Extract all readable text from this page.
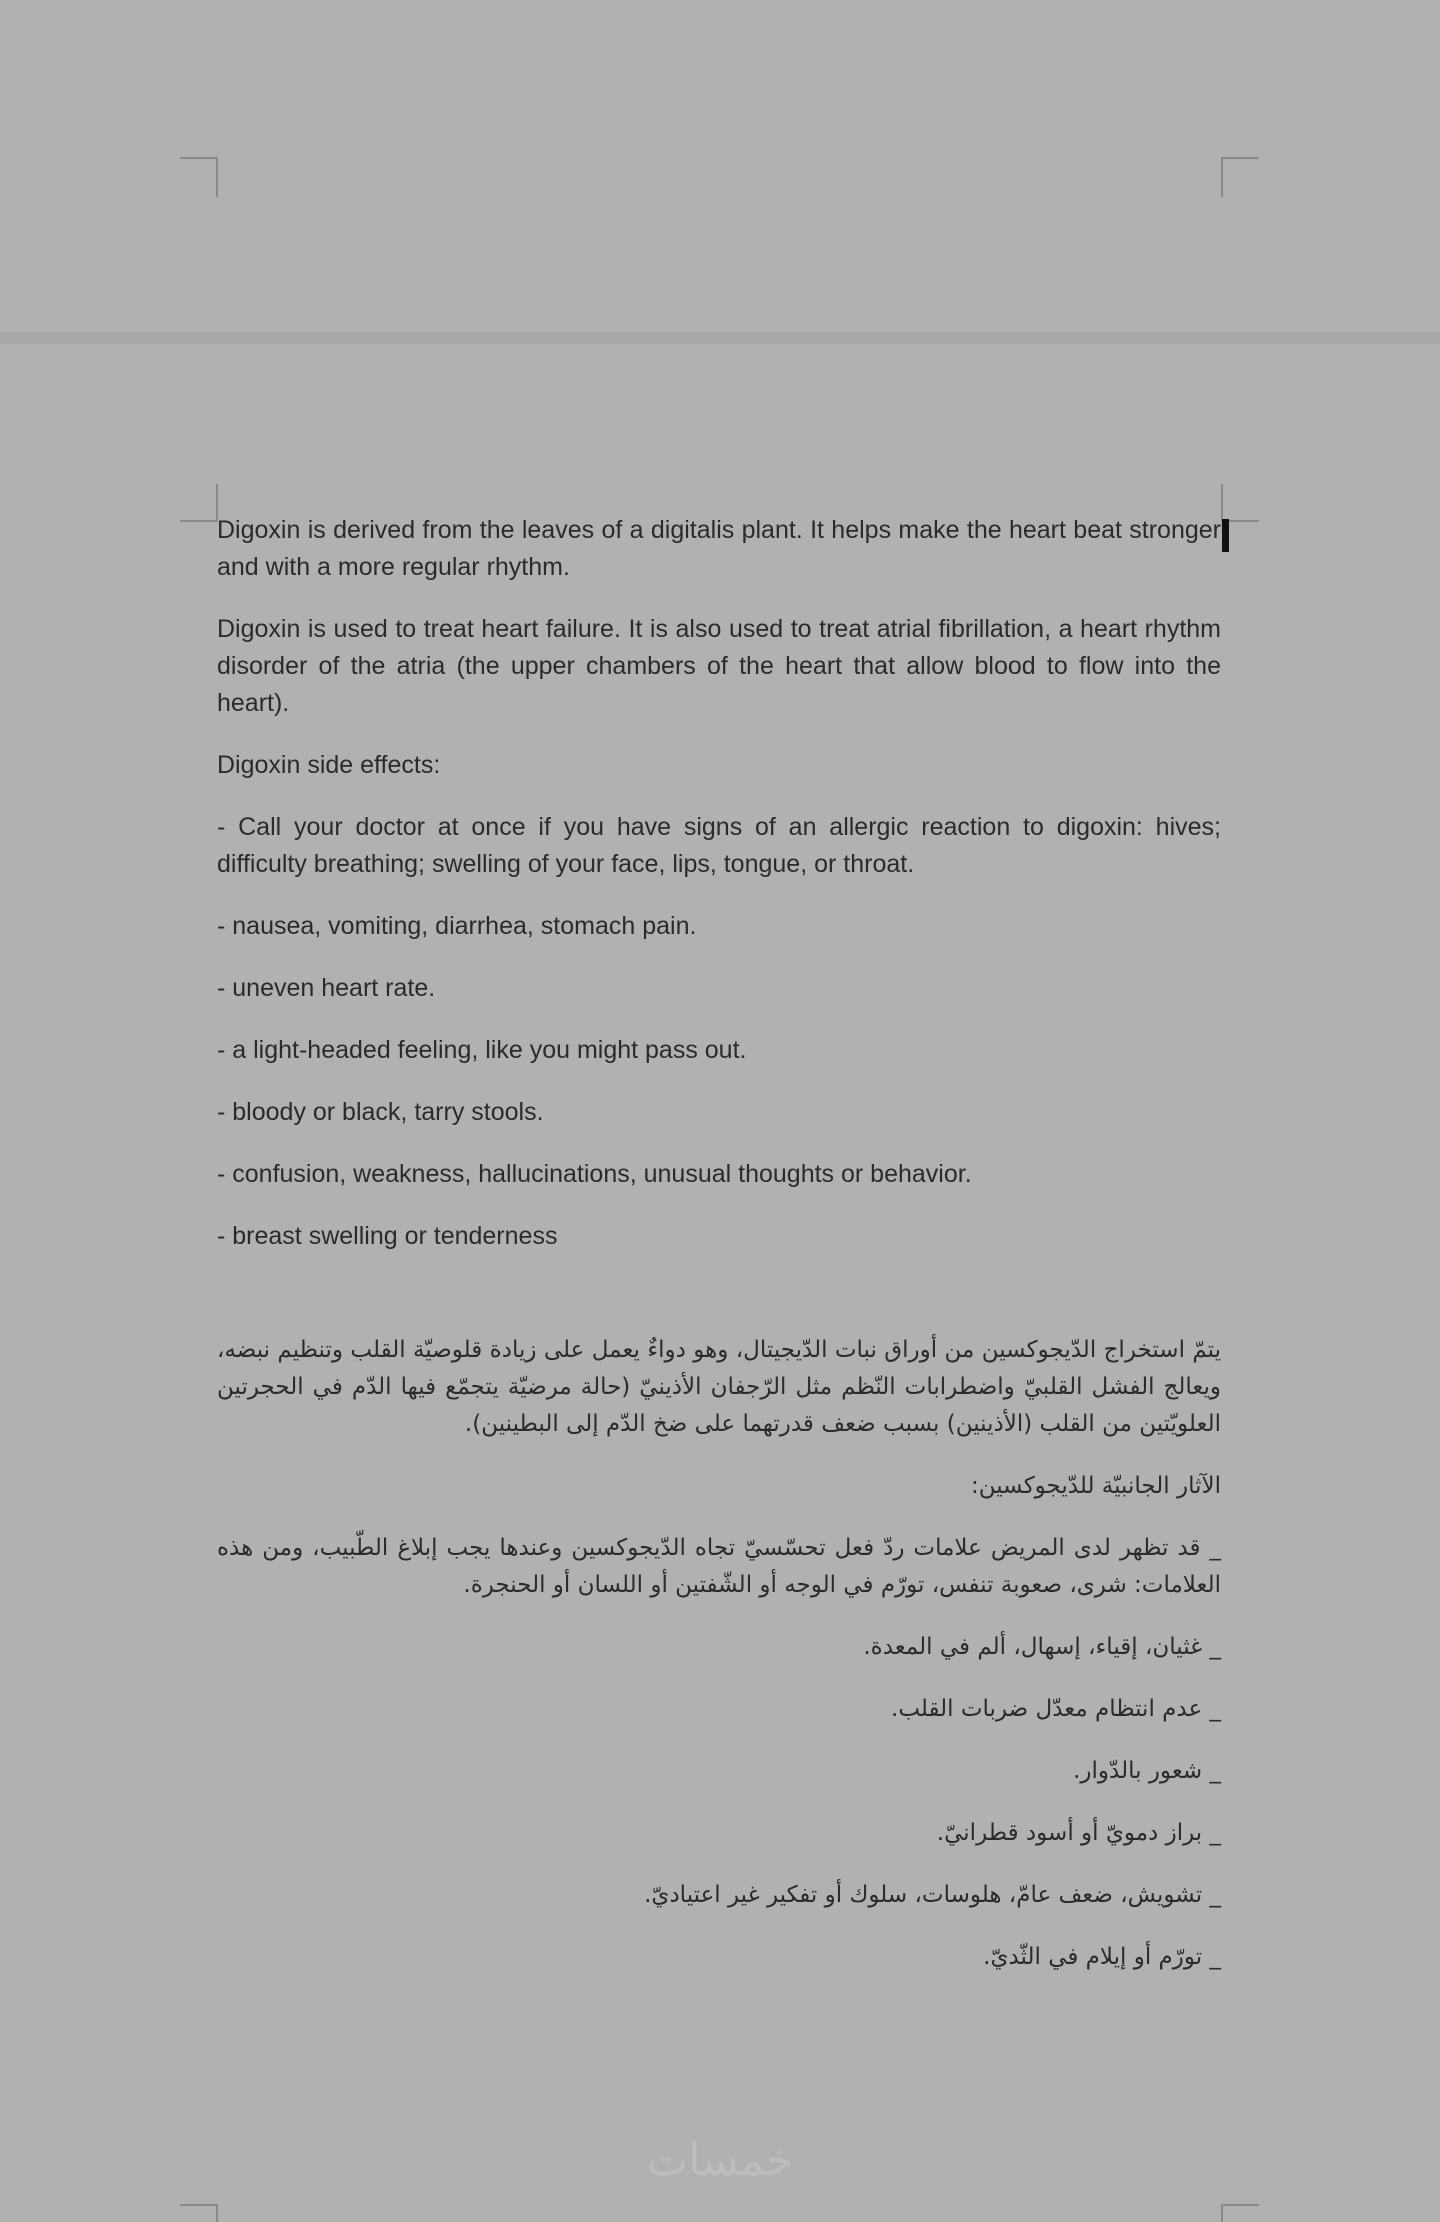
Digoxin is derived from the leaves of a digitalis plant. It helps make the heart beat stronger and with a more regular rhythm.

Digoxin is used to treat heart failure. It is also used to treat atrial fibrillation, a heart rhythm disorder of the atria (the upper chambers of the heart that allow blood to flow into the heart).

Digoxin side effects:

- Call your doctor at once if you have signs of an allergic reaction to digoxin: hives; difficulty breathing; swelling of your face, lips, tongue, or throat.

- nausea, vomiting, diarrhea, stomach pain.

- uneven heart rate.

- a light-headed feeling, like you might pass out.

- bloody or black, tarry stools.

- confusion, weakness, hallucinations, unusual thoughts or behavior.

- breast swelling or tenderness

يتمّ استخراج الدّيجوكسين من أوراق نبات الدّيجيتال، وهو دواءٌ يعمل على زيادة قلوصيّة القلب وتنظيم نبضه، ويعالج الفشل القلبيّ واضطرابات النّظم مثل الرّجفان الأذينيّ (حالة مرضيّة يتجمّع فيها الدّم في الحجرتين العلويّتين من القلب (الأذينين) بسبب ضعف قدرتهما على ضخ الدّم إلى البطينين).

الآثار الجانبيّة للدّيجوكسين:

_ قد تظهر لدى المريض علامات ردّ فعل تحسّسيّ تجاه الدّيجوكسين وعندها يجب إبلاغ الطّبيب، ومن هذه العلامات: شرى، صعوبة تنفس، تورّم في الوجه أو الشّفتين أو اللسان أو الحنجرة.

_ غثيان، إقياء، إسهال، ألم في المعدة.

_ عدم انتظام معدّل ضربات القلب.

_ شعور بالدّوار.

_ براز دمويّ أو أسود قطرانيّ.

_ تشويش، ضعف عامّ، هلوسات، سلوك أو تفكير غير اعتياديّ.

_ تورّم أو إيلام في الثّديّ.

خمسات
